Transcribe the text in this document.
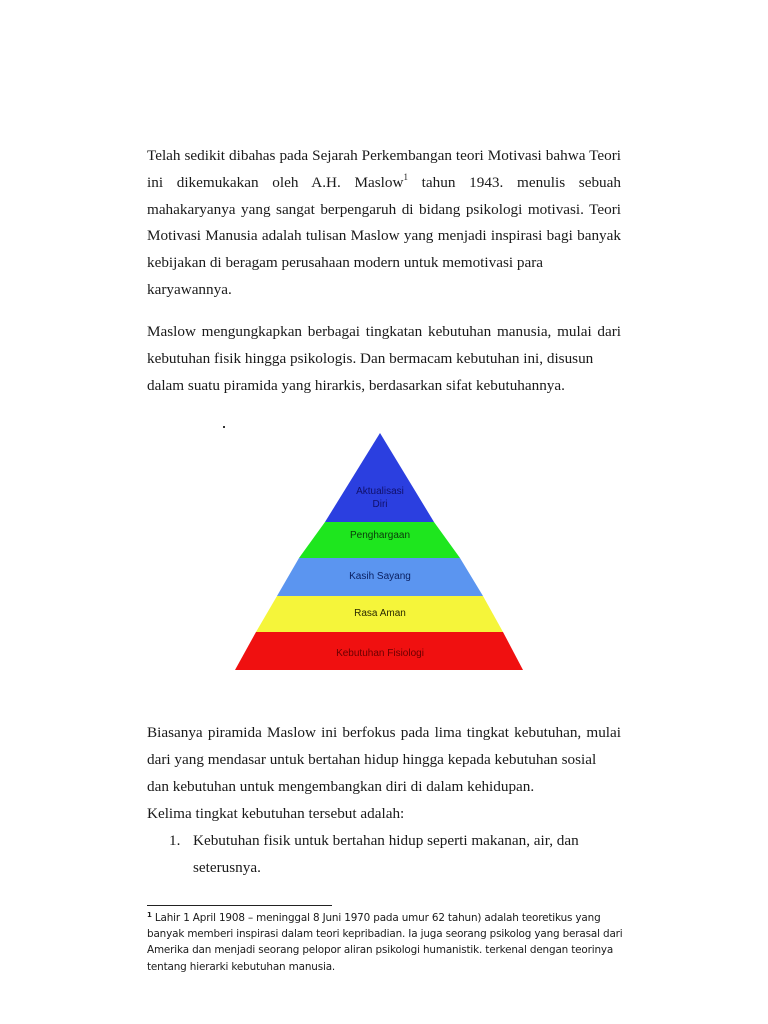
Telah sedikit dibahas pada Sejarah Perkembangan teori Motivasi bahwa Teori ini dikemukakan oleh A.H. Maslow$^1$ tahun 1943. menulis sebuah mahakaryanya yang sangat berpengaruh di bidang psikologi motivasi. Teori Motivasi Manusia adalah tulisan Maslow yang menjadi inspirasi bagi banyak kebijakan di beragam perusahaan modern untuk memotivasi para
karyawannya.

Maslow mengungkapkan berbagai tingkatan kebutuhan manusia, mulai dari kebutuhan fisik hingga psikologis. Dan bermacam kebutuhan ini, disusun
dalam suatu piramida yang hirarkis, berdasarkan sifat kebutuhannya.

Aktualisasi
Diri
Penghargaan
Kasih Sayang
Rasa Aman
Kebutuhan Fisiologi

Biasanya piramida Maslow ini berfokus pada lima tingkat kebutuhan, mulai dari yang mendasar untuk bertahan hidup hingga kepada kebutuhan sosial
dan kebutuhan untuk mengembangkan diri di dalam kehidupan.

Kelima tingkat kebutuhan tersebut adalah:

1. Kebutuhan fisik untuk bertahan hidup seperti makanan, air, dan
seterusnya.

$^1$ Lahir 1 April 1908 – meninggal 8 Juni 1970 pada umur 62 tahun) adalah teoretikus yang banyak memberi inspirasi dalam teori kepribadian. Ia juga seorang psikolog yang berasal dari Amerika dan menjadi seorang pelopor aliran psikologi humanistik. terkenal dengan teorinya tentang hierarki kebutuhan manusia.
